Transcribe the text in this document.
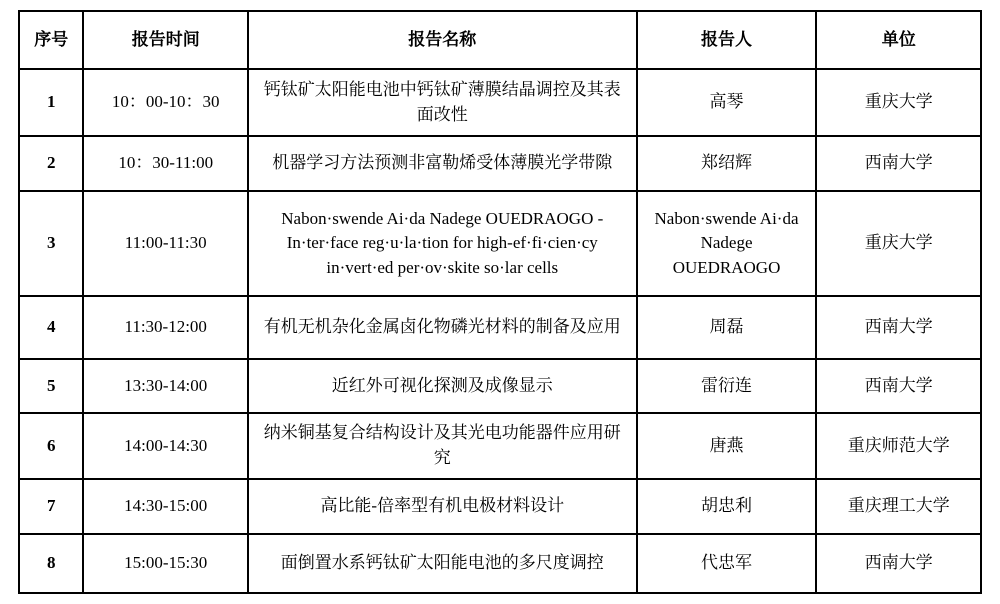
序号	报告时间	报告名称	报告人	单位
1	10：00-10：30	钙钛矿太阳能电池中钙钛矿薄膜结晶调控及其表面改性	高琴	重庆大学
2	10：30-11:00	机器学习方法预测非富勒烯受体薄膜光学带隙	郑绍辉	西南大学
3	11:00-11:30	Nabon·swende Ai·da Nadege OUEDRAOGO - In·ter·face reg·u·la·tion for high-ef·fi·cien·cy in·vert·ed per·ov·skite so·lar cells	Nabon·swende Ai·da Nadege OUEDRAOGO	重庆大学
4	11:30-12:00	有机无机杂化金属卤化物磷光材料的制备及应用	周磊	西南大学
5	13:30-14:00	近红外可视化探测及成像显示	雷衍连	西南大学
6	14:00-14:30	纳米铜基复合结构设计及其光电功能器件应用研究	唐燕	重庆师范大学
7	14:30-15:00	高比能-倍率型有机电极材料设计	胡忠利	重庆理工大学
8	15:00-15:30	面倒置水系钙钛矿太阳能电池的多尺度调控	代忠军	西南大学
